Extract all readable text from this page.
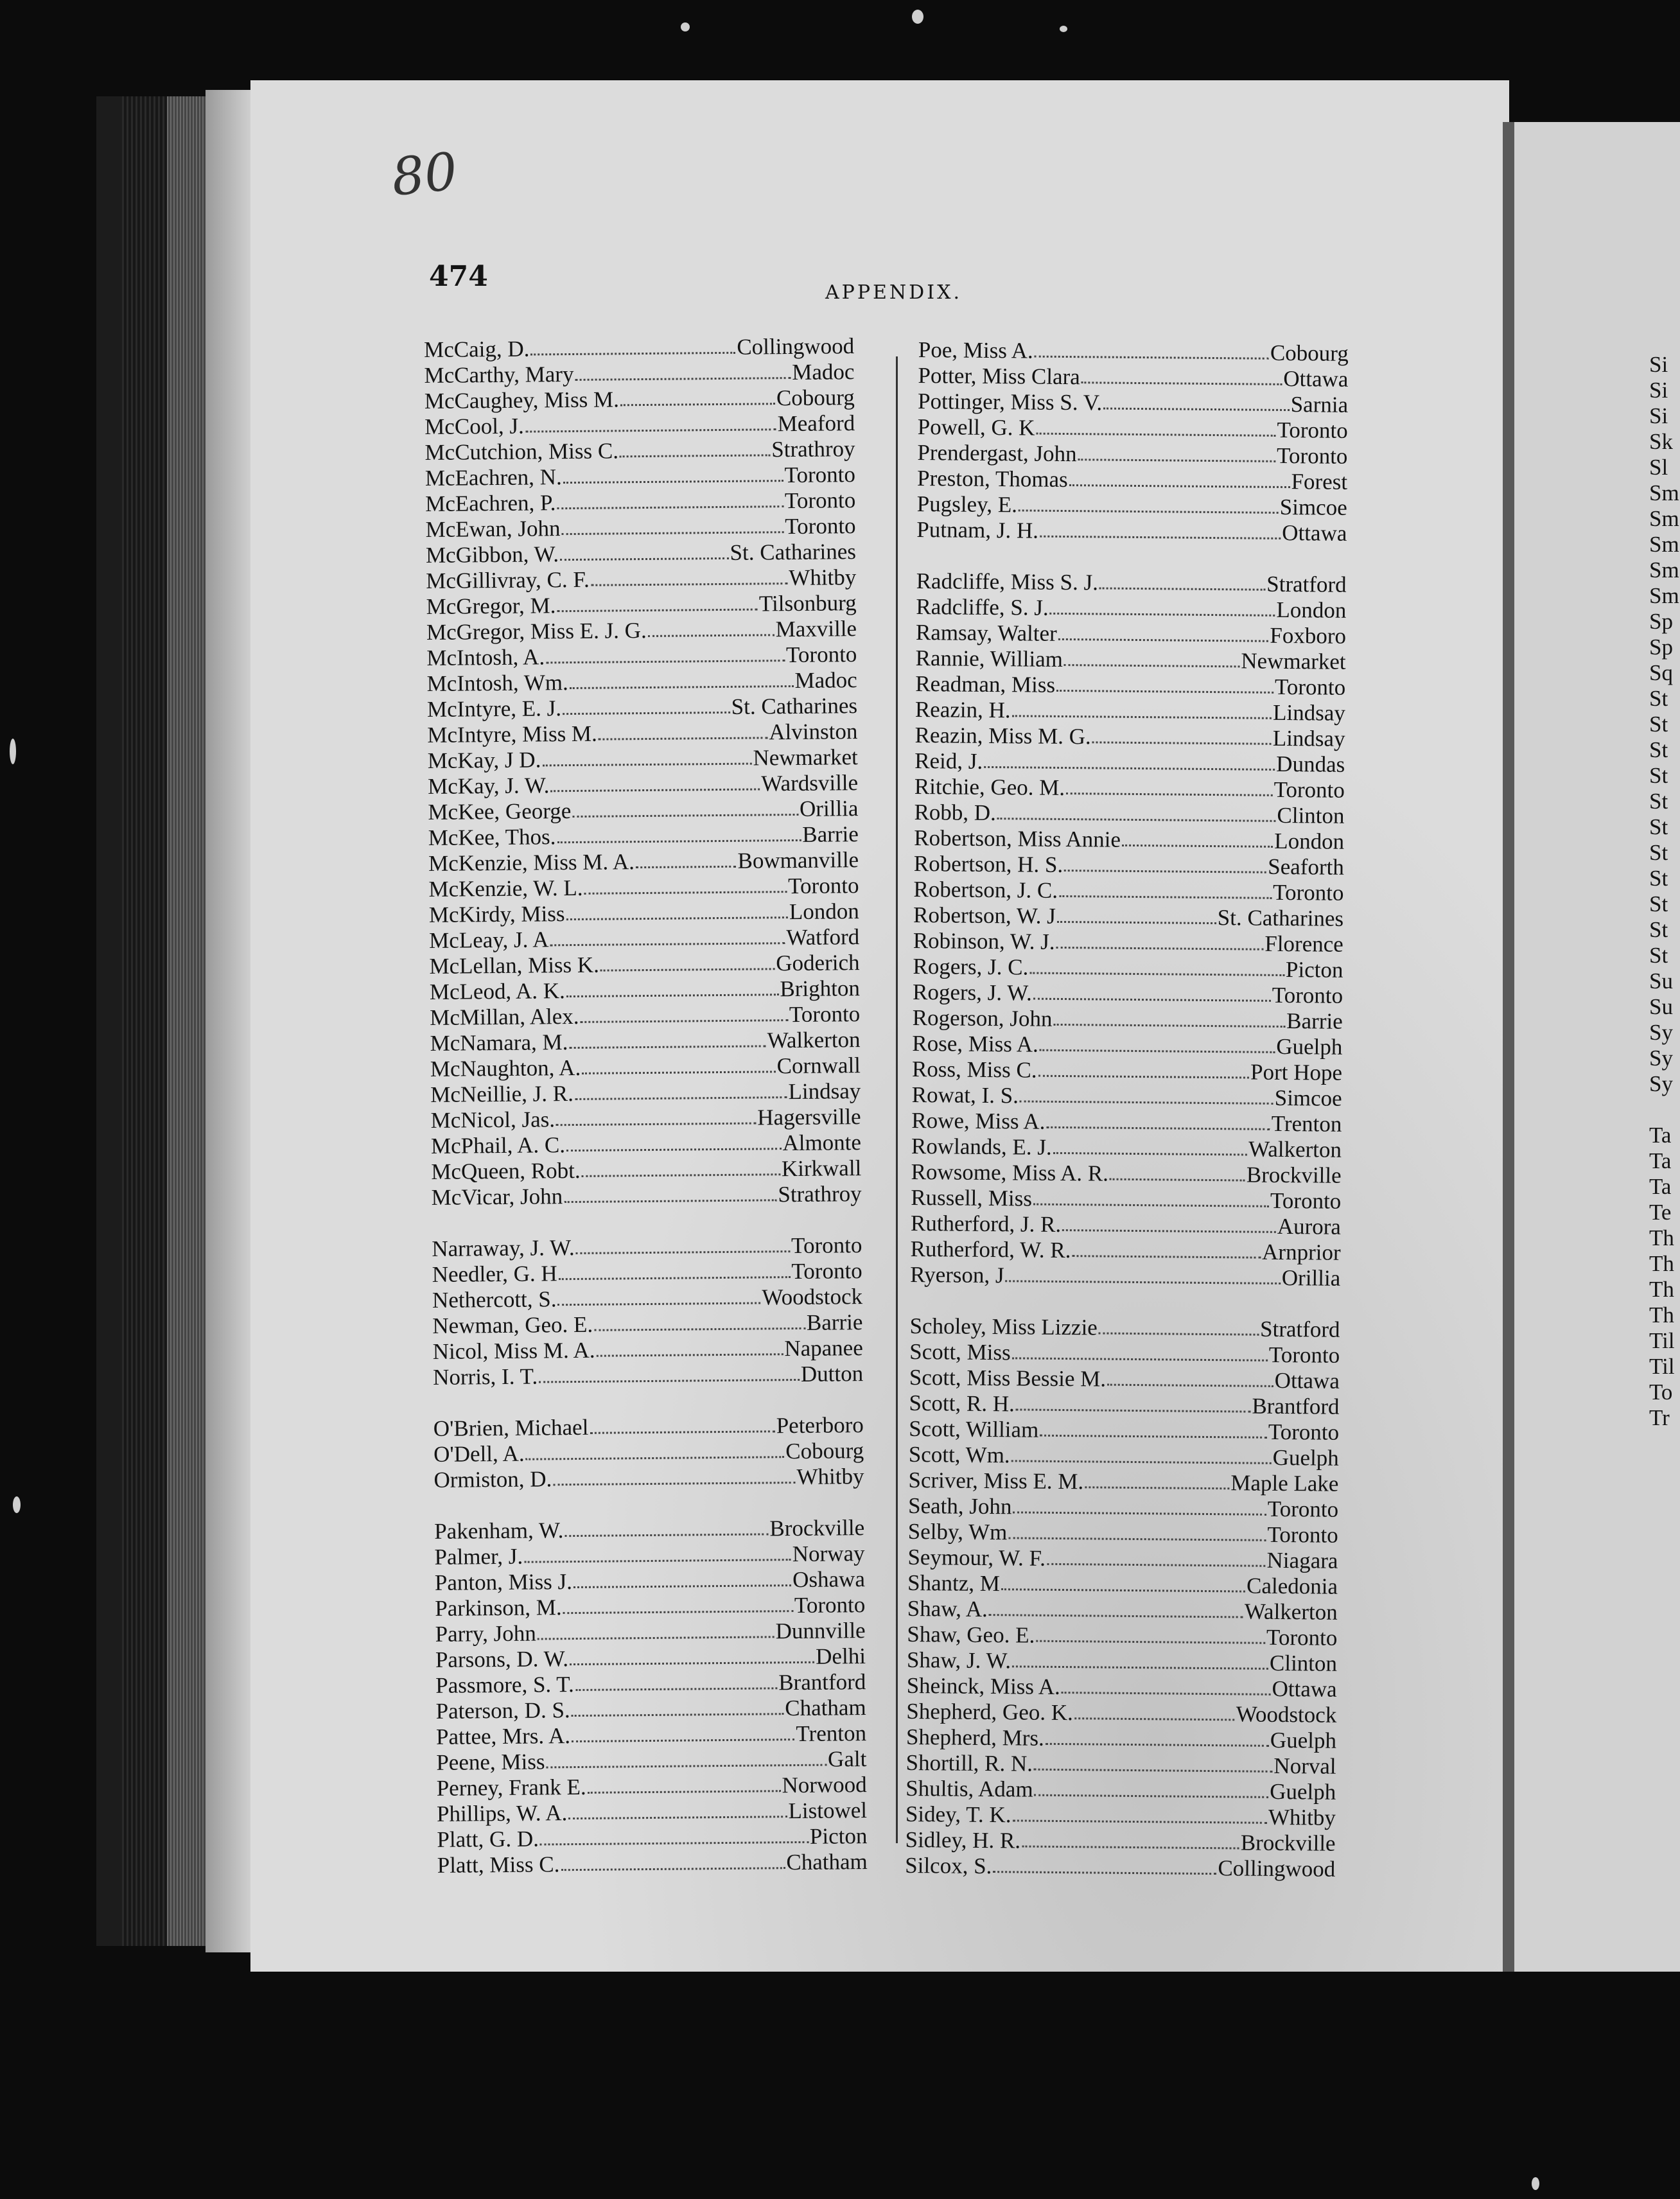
80
474	APPENDIX.
McCaig, D.	Collingwood
McCarthy, Mary	Madoc
McCaughey, Miss M.	Cobourg
McCool, J.	Meaford
McCutchion, Miss C.	Strathroy
McEachren, N.	Toronto
McEachren, P.	Toronto
McEwan, John	Toronto
McGibbon, W.	St. Catharines
McGillivray, C. F.	Whitby
McGregor, M.	Tilsonburg
McGregor, Miss E. J. G.	Maxville
McIntosh, A.	Toronto
McIntosh, Wm.	Madoc
McIntyre, E. J.	St. Catharines
McIntyre, Miss M.	Alvinston
McKay, J D.	Newmarket
McKay, J. W.	Wardsville
McKee, George	Orillia
McKee, Thos.	Barrie
McKenzie, Miss M. A.	Bowmanville
McKenzie, W. L.	Toronto
McKirdy, Miss	London
McLeay, J. A	Watford
McLellan, Miss K.	Goderich
McLeod, A. K.	Brighton
McMillan, Alex.	Toronto
McNamara, M.	Walkerton
McNaughton, A.	Cornwall
McNeillie, J. R.	Lindsay
McNicol, Jas.	Hagersville
McPhail, A. C.	Almonte
McQueen, Robt.	Kirkwall
McVicar, John	Strathroy
Narraway, J. W.	Toronto
Needler, G. H	Toronto
Nethercott, S.	Woodstock
Newman, Geo. E.	Barrie
Nicol, Miss M. A.	Napanee
Norris, I. T.	Dutton
O'Brien, Michael	Peterboro
O'Dell, A.	Cobourg
Ormiston, D.	Whitby
Pakenham, W.	Brockville
Palmer, J.	Norway
Panton, Miss J.	Oshawa
Parkinson, M.	Toronto
Parry, John	Dunnville
Parsons, D. W.	Delhi
Passmore, S. T.	Brantford
Paterson, D. S.	Chatham
Pattee, Mrs. A.	Trenton
Peene, Miss	Galt
Perney, Frank E.	Norwood
Phillips, W. A.	Listowel
Platt, G. D.	Picton
Platt, Miss C.	Chatham
Poe, Miss A.	Cobourg
Potter, Miss Clara	Ottawa
Pottinger, Miss S. V.	Sarnia
Powell, G. K	Toronto
Prendergast, John	Toronto
Preston, Thomas	Forest
Pugsley, E.	Simcoe
Putnam, J. H.	Ottawa
Radcliffe, Miss S. J.	Stratford
Radcliffe, S. J.	London
Ramsay, Walter	Foxboro
Rannie, William	Newmarket
Readman, Miss	Toronto
Reazin, H.	Lindsay
Reazin, Miss M. G.	Lindsay
Reid, J.	Dundas
Ritchie, Geo. M.	Toronto
Robb, D.	Clinton
Robertson, Miss Annie	London
Robertson, H. S.	Seaforth
Robertson, J. C.	Toronto
Robertson, W. J	St. Catharines
Robinson, W. J.	Florence
Rogers, J. C.	Picton
Rogers, J. W.	Toronto
Rogerson, John	Barrie
Rose, Miss A.	Guelph
Ross, Miss C.	Port Hope
Rowat, I. S.	Simcoe
Rowe, Miss A.	Trenton
Rowlands, E. J.	Walkerton
Rowsome, Miss A. R.	Brockville
Russell, Miss	Toronto
Rutherford, J. R.	Aurora
Rutherford, W. R.	Arnprior
Ryerson, J	Orillia
Scholey, Miss Lizzie	Stratford
Scott, Miss	Toronto
Scott, Miss Bessie M.	Ottawa
Scott, R. H.	Brantford
Scott, William	Toronto
Scott, Wm.	Guelph
Scriver, Miss E. M.	Maple Lake
Seath, John	Toronto
Selby, Wm	Toronto
Seymour, W. F.	Niagara
Shantz, M	Caledonia
Shaw, A.	Walkerton
Shaw, Geo. E.	Toronto
Shaw, J. W.	Clinton
Sheinck, Miss A.	Ottawa
Shepherd, Geo. K.	Woodstock
Shepherd, Mrs.	Guelph
Shortill, R. N.	Norval
Shultis, Adam	Guelph
Sidey, T. K.	Whitby
Sidley, H. R.	Brockville
Silcox, S.	Collingwood
Si
Si
Si
Sk
Sl
Sm
Sm
Sm
Sm
Sm
Sp
Sp
Sq
St
St
St
St
St
St
St
St
St
St
St
Su
Su
Sy
Sy
Sy
Ta
Ta
Ta
Te
Th
Th
Th
Th
Til
Til
To
Tr
